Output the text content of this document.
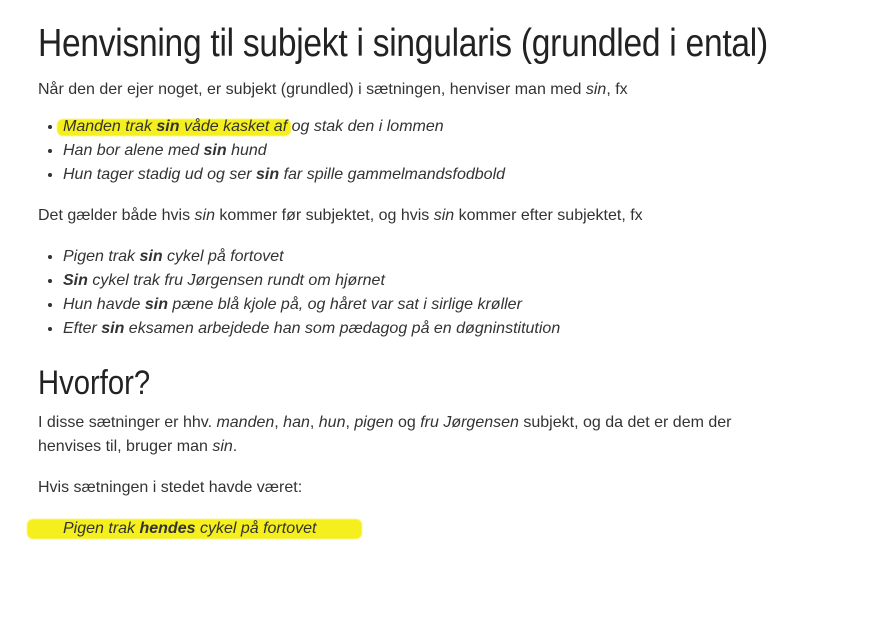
Henvisning til subjekt i singularis (grundled i ental)

Når den der ejer noget, er subjekt (grundled) i sætningen, henviser man med sin, fx

•
Manden trak sin våde kasket af og stak den i lommen
• Han bor alene med sin hund
• Hun tager stadig ud og ser sin far spille gammelmandsfodbold

Det gælder både hvis sin kommer før subjektet, og hvis sin kommer efter subjektet, fx

• Pigen trak sin cykel på fortovet
• Sin cykel trak fru Jørgensen rundt om hjørnet
• Hun havde sin pæne blå kjole på, og håret var sat i sirlige krøller
• Efter sin eksamen arbejdede han som pædagog på en døgninstitution
Hvorfor?

I disse sætninger er hhv. manden, han, hun, pigen og fru Jørgensen subjekt, og da det er dem der henvises til, bruger man sin.

Hvis sætningen i stedet havde været:

• Pigen trak hendes cykel på fortovet
